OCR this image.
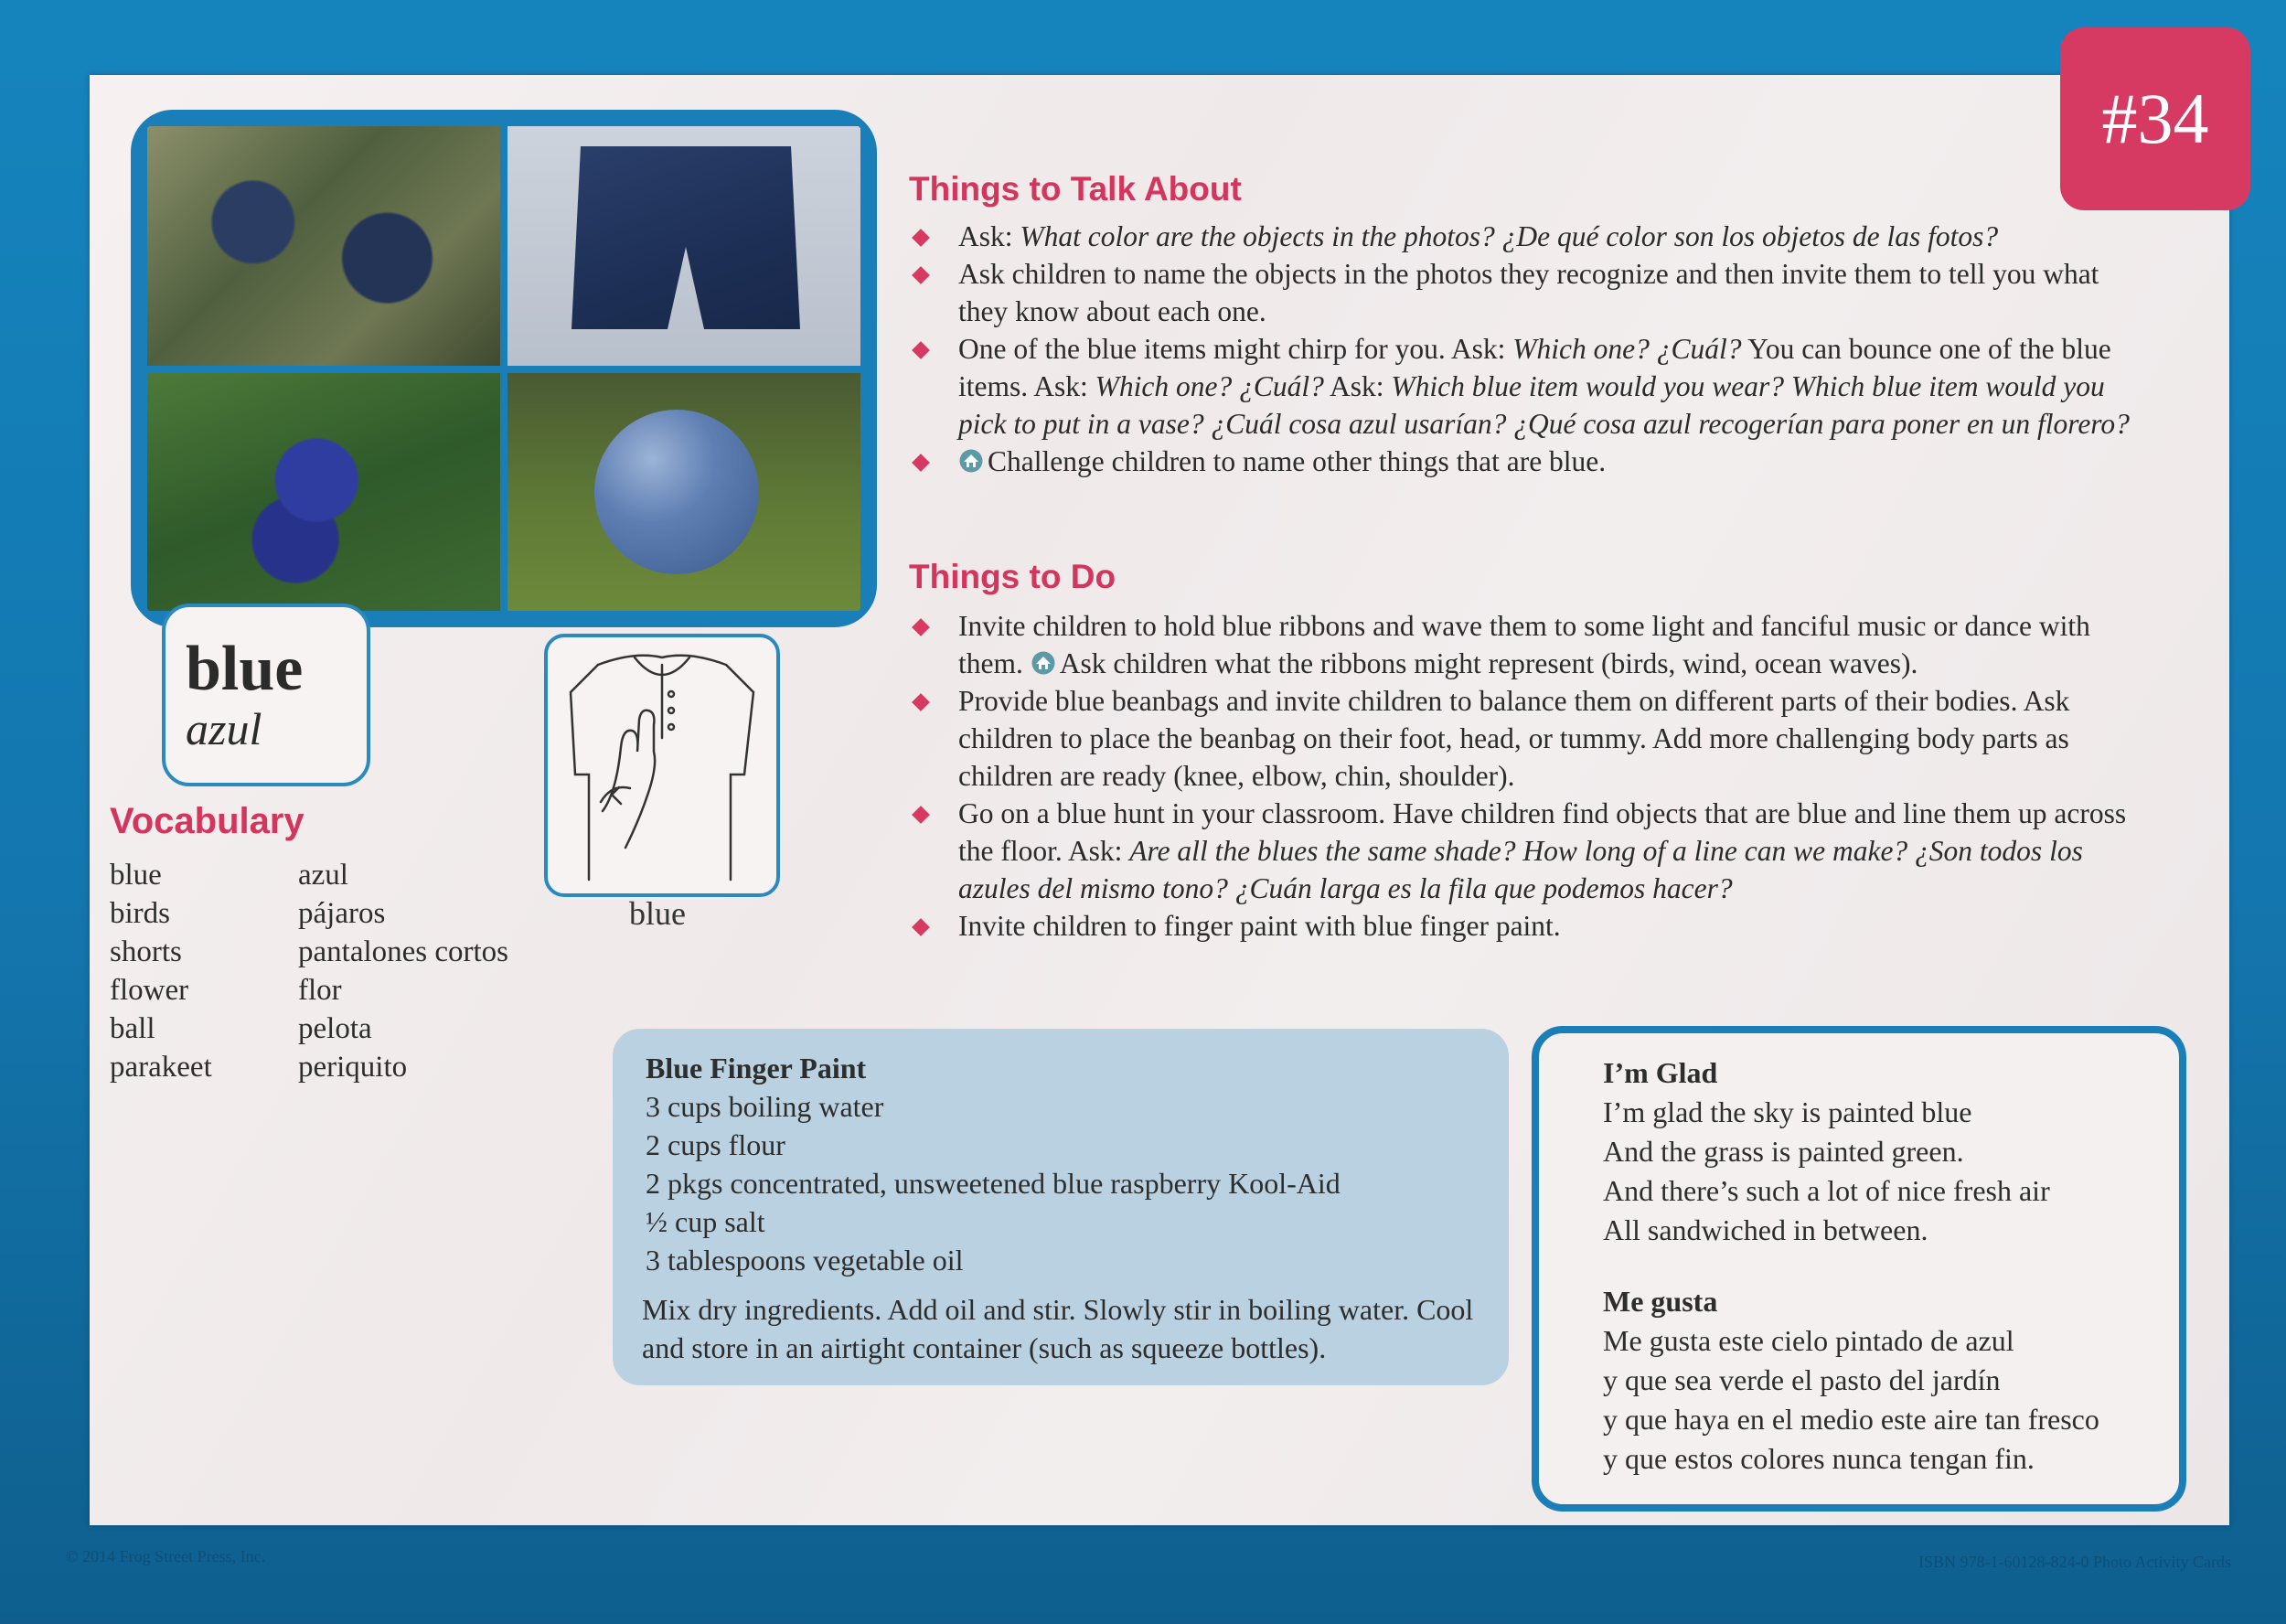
#34
blue
azul
blue
Vocabulary
blue
birds
shorts
flower
ball
parakeet
azul
pájaros
pantalones cortos
flor
pelota
periquito
Things to Talk About
Ask: What color are the objects in the photos? ¿De qué color son los objetos de las fotos?
Ask children to name the objects in the photos they recognize and then invite them to tell you what they know about each one.
One of the blue items might chirp for you. Ask: Which one? ¿Cuál? You can bounce one of the blue items. Ask: Which one? ¿Cuál? Ask: Which blue item would you wear? Which blue item would you pick to put in a vase? ¿Cuál cosa azul usarían? ¿Qué cosa azul recogerían para poner en un florero?
Challenge children to name other things that are blue.
Things to Do
Invite children to hold blue ribbons and wave them to some light and fanciful music or dance with them. Ask children what the ribbons might represent (birds, wind, ocean waves).
Provide blue beanbags and invite children to balance them on different parts of their bodies. Ask children to place the beanbag on their foot, head, or tummy. Add more challenging body parts as children are ready (knee, elbow, chin, shoulder).
Go on a blue hunt in your classroom. Have children find objects that are blue and line them up across the floor. Ask: Are all the blues the same shade? How long of a line can we make? ¿Son todos los azules del mismo tono? ¿Cuán larga es la fila que podemos hacer?
Invite children to finger paint with blue finger paint.
Blue Finger Paint
3 cups boiling water
2 cups flour
2 pkgs concentrated, unsweetened blue raspberry Kool-Aid
½ cup salt
3 tablespoons vegetable oil
Mix dry ingredients. Add oil and stir. Slowly stir in boiling water. Cool and store in an airtight container (such as squeeze bottles).
I’m Glad
I’m glad the sky is painted blue
And the grass is painted green.
And there’s such a lot of nice fresh air
All sandwiched in between.
Me gusta
Me gusta este cielo pintado de azul
y que sea verde el pasto del jardín
y que haya en el medio este aire tan fresco
y que estos colores nunca tengan fin.
© 2014 Frog Street Press, Inc.	ISBN 978-1-60128-824-0 Photo Activity Cards
